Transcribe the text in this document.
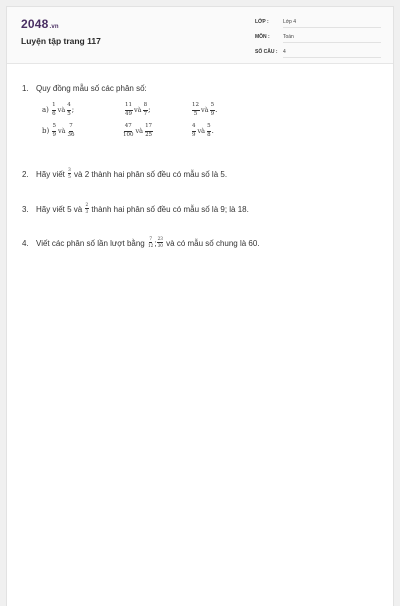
2048.vn
Luyện tập trang 117
LỚP :	Lớp 4
MÔN :	Toán
SỐ CÂU : 4
1. Quy đồng mẫu số các phân số:
$a) \frac{1}{6}$ và $\frac{4}{5}$ ;	$\frac{11}{49}$ và $\frac{8}{7}$ ;	$\frac{12}{5}$ và $\frac{5}{9}$ .
$b) \frac{5}{9}$ và $\frac{7}{36}$	$\frac{47}{100}$ và $\frac{17}{25}$	$\frac{4}{9}$ và $\frac{5}{8}$ .
2. Hãy viết $\frac{3}{5}$ và 2 thành hai phân số đều có mẫu số là 5.
3. Hãy viết 5 và $\frac{2}{3}$ thành hai phân số đều có mẫu số là 9; là 18.
4. Viết các phân số lần lượt bằng $\frac{7}{12}$ ; $\frac{23}{30}$ và có mẫu số chung là 60.
